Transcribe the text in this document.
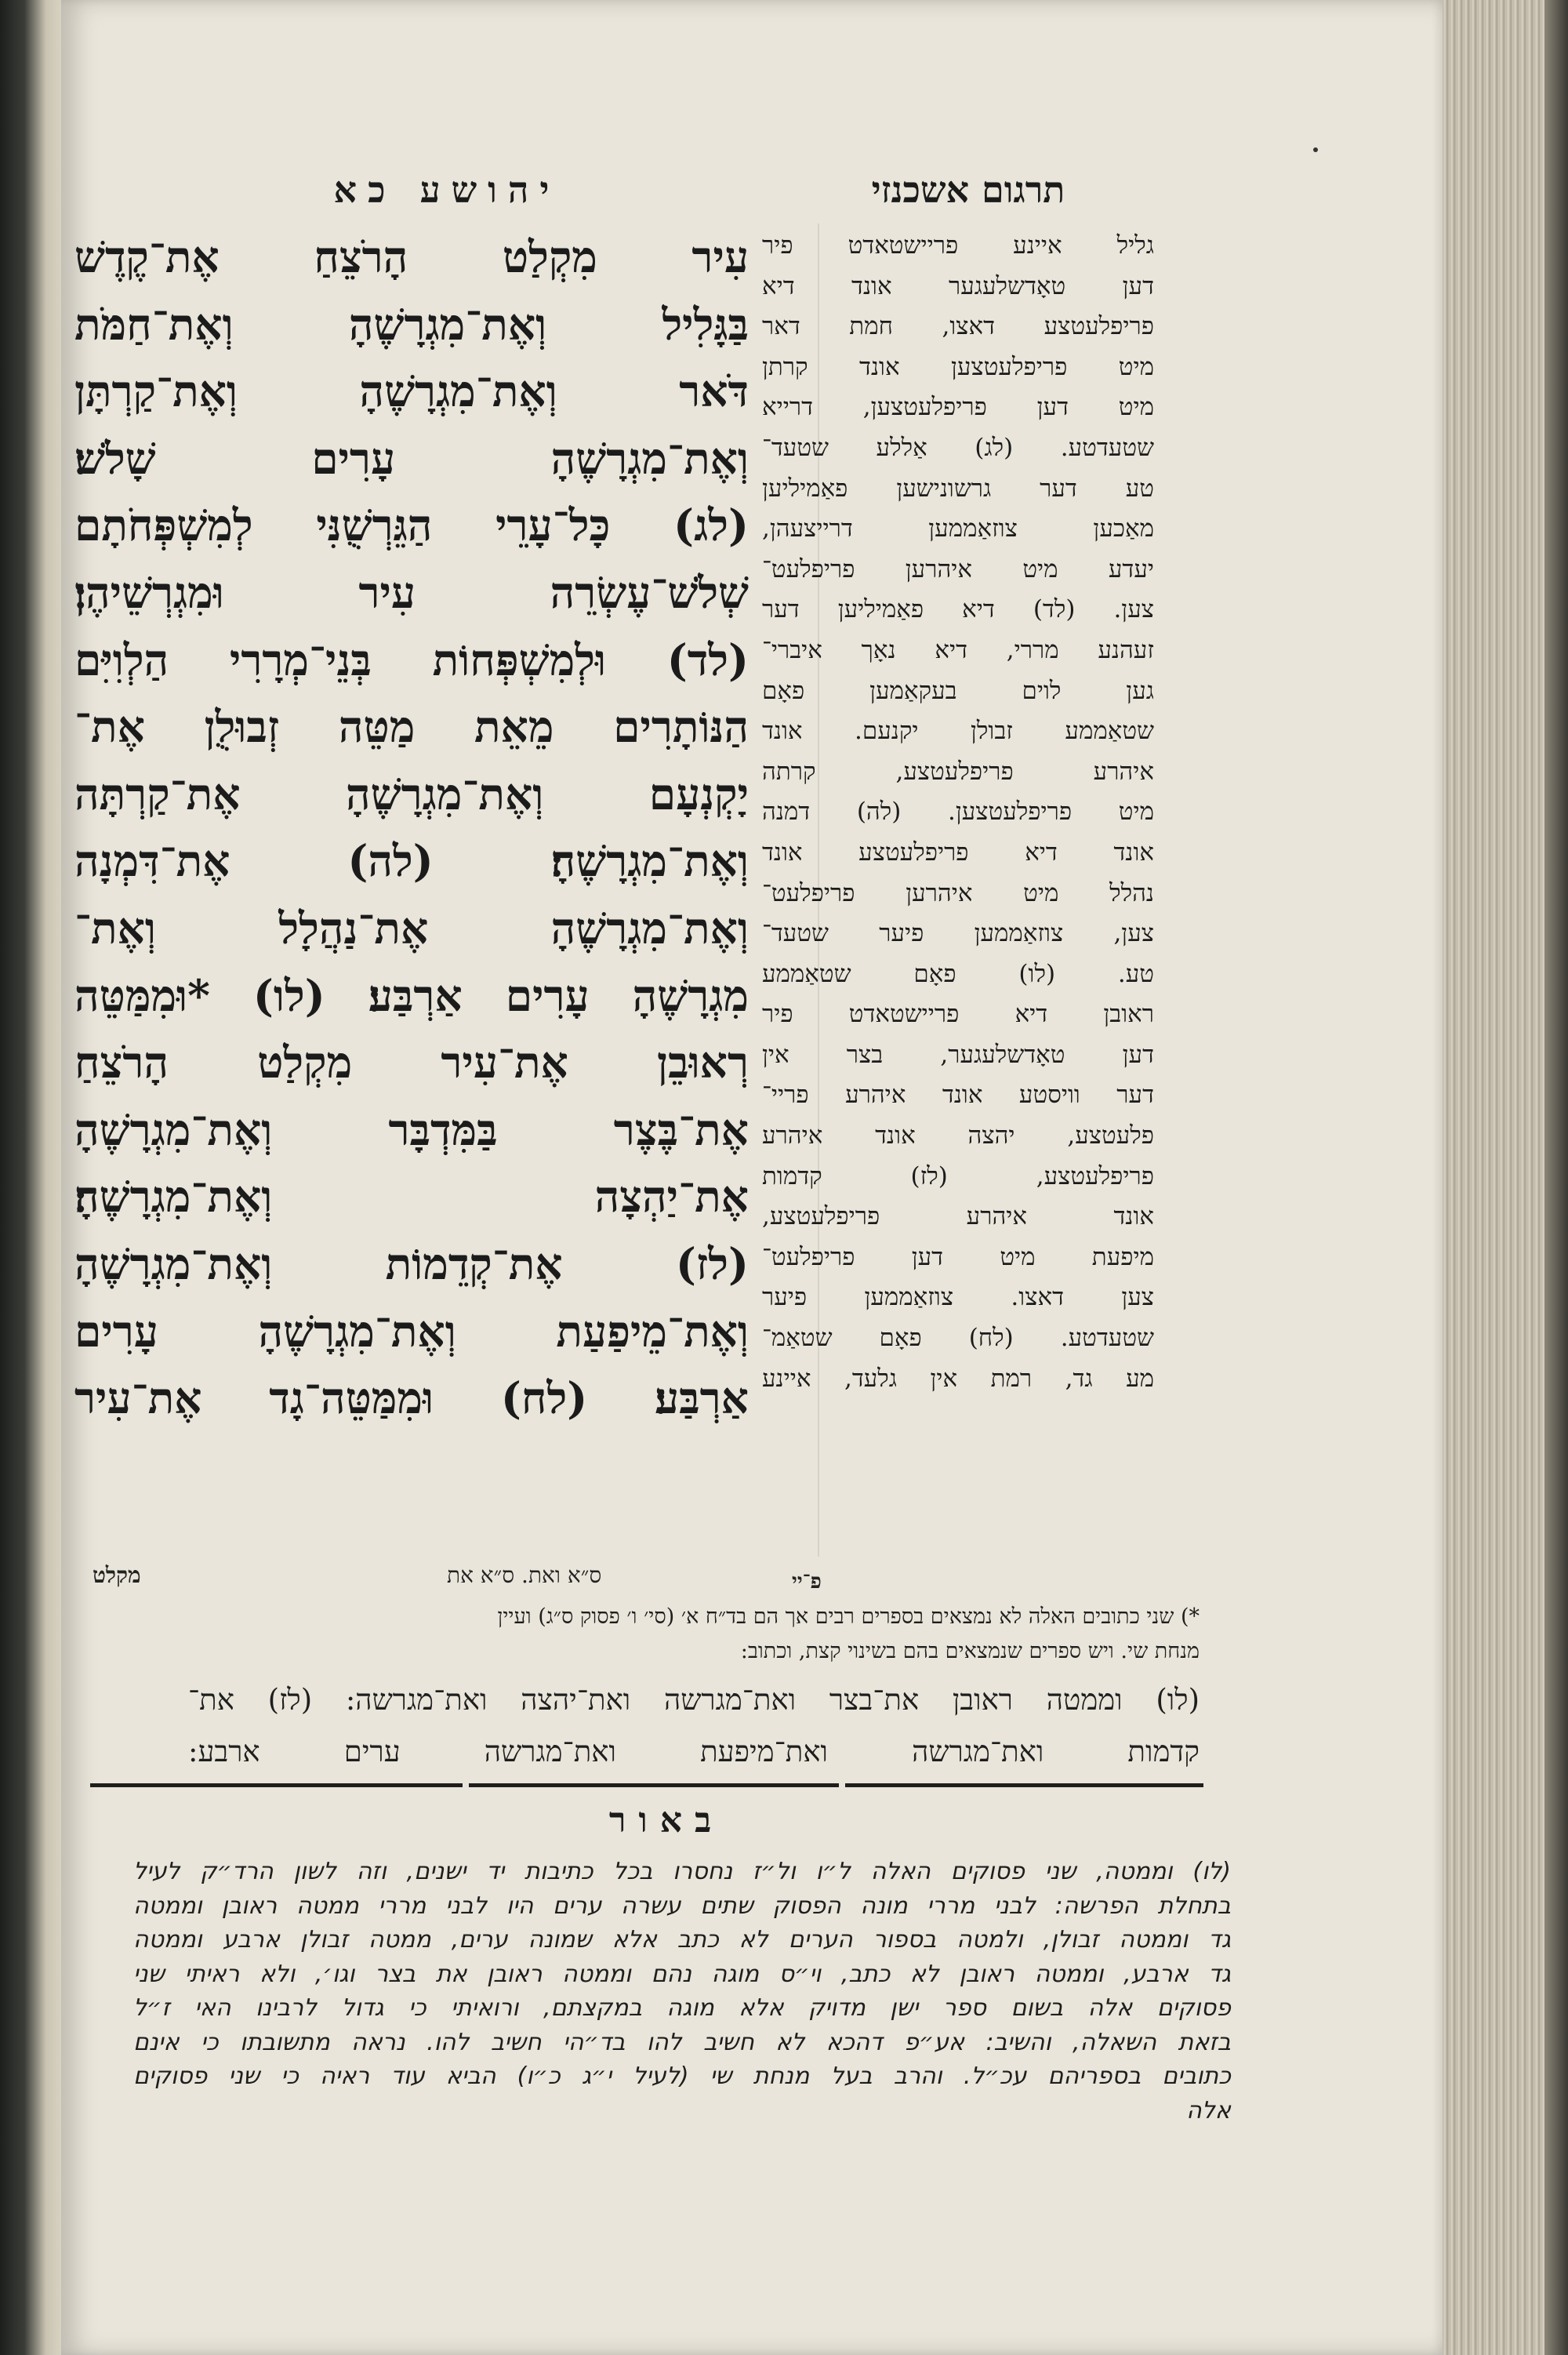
יהושע כא	תרגום אשכנזי
עִיר מִקְלַט הָרֹצֵחַ אֶת־קֶדֶשׁ
בַּגָּלִיל וְאֶת־מִגְרָשֶׁהָ וְאֶת־חַמֹּת
דֹּאר וְאֶת־מִגְרָשֶׁהָ וְאֶת־קַרְתָּן
וְאֶת־מִגְרָשֶׁהָ עָרִים שָׁלֹשׁ׃
(לג) כָּל־עָרֵי הַגֵּרְשֻׁנִּי לְמִשְׁפְּחֹתָם
שְׁלֹשׁ־עֶשְׂרֵה עִיר וּמִגְרְשֵׁיהֶן׃
(לד) וּלְמִשְׁפְּחוֹת בְּנֵי־מְרָרִי הַלְוִיִּם
הַנּוֹתָרִים מֵאֵת מַטֵּה זְבוּלֻן אֶת־
יָקְנְעָם וְאֶת־מִגְרָשֶׁהָ אֶת־קַרְתָּה
וְאֶת־מִגְרָשֶׁהָ׃ (לה) אֶת־דִּמְנָה
וְאֶת־מִגְרָשֶׁהָ אֶת־נַהֲלָל וְאֶת־
מִגְרָשֶׁהָ עָרִים אַרְבַּע׃ (לו) *וּמִמַּטֵּה
רְאוּבֵן אֶת־עִיר מִקְלַט הָרֹצֵחַ
אֶת־בֶּצֶר בַּמִּדְבָּר וְאֶת־מִגְרָשֶׁהָ
אֶת־יַהְצָה וְאֶת־מִגְרָשֶׁהָ׃
(לז) אֶת־קְדֵמוֹת וְאֶת־מִגְרָשֶׁהָ
וְאֶת־מֵיפַעַת וְאֶת־מִגְרָשֶׁהָ עָרִים
אַרְבַּע׃ (לח) וּמִמַּטֵּה־גָד אֶת־עִיר
גליל איינע פריישטאדט פיר
דען טאָדשלעגער אונד דיא
פריפלעטצע דאצו, חמת דאר
מיט פריפלעטצען אונד קרתן
מיט דען פריפלעטצען, דרייא
שטעדטע. (לג) אַללע שטעד־
טע דער גרשונישען פאַמיליען
מאַכען צוזאַממען דרייצעהן,
יעדע מיט איהרען פריפלעט־
צען. (לד) דיא פאַמיליען דער
זעהנע מררי, דיא נאָך איברי־
גען לוים בעקאַמען פאָם
שטאַממע זבולן יקנעם. אונד
איהרע פריפלעטצע, קרתה
מיט פריפלעטצען. (לה) דמנה
אונד דיא פריפלעטצע אונד
נהלל מיט איהרען פריפלעט־
צען, צוזאַממען פיער שטעד־
טע. (לו) פאָם שטאַממע
ראובן דיא פריישטאדט פיר
דען טאָדשלעגער, בצר אין
דער וויסטע אונד איהרע פריי־
פלעטצע, יהצה אונד איהרע
פריפלעטצע, (לז) קדמות
אונד איהרע פריפלעטצע,
מיפעת מיט דען פריפלעט־
צען דאצו. צוזאַממען פיער
שטעדטע. (לח) פאָם שטאַמ־
מע גד, רמת אין גלעד, איינע
מקלט	ס״א ואת. ס״א את	פ־יי
*) שני כתובים האלה לא נמצאים בספרים רבים אך הם בד״ח א׳ (סי׳ ו׳ פסוק ס״ג) ועיין
מנחת שי. ויש ספרים שנמצאים בהם בשינוי קצת, וכתוב:
(לו) וממטה ראובן את־בצר ואת־מגרשה ואת־יהצה ואת־מגרשה: (לז) את־
קדמות ואת־מגרשה ואת־מיפעת ואת־מגרשה ערים ארבע:
באור
(לו) וממטה, שני פסוקים האלה ל״ו ול״ז נחסרו בכל כתיבות יד ישנים, וזה לשון הרד״ק לעיל
בתחלת הפרשה: לבני מררי מונה הפסוק שתים עשרה ערים היו לבני מררי ממטה ראובן וממטה
גד וממטה זבולן, ולמטה בספור הערים לא כתב אלא שמונה ערים, ממטה זבולן ארבע וממטה
גד ארבע, וממטה ראובן לא כתב, וי״ס מוגה נהם וממטה ראובן את בצר וגו׳, ולא ראיתי שני
פסוקים אלה בשום ספר ישן מדויק אלא מוגה במקצתם, ורואיתי כי גדול לרבינו האי ז״ל
בזאת השאלה, והשיב: אע״פ דהכא לא חשיב להו בד״הי חשיב להו. נראה מתשובתו כי אינם
כתובים בספריהם עכ״ל. והרב בעל מנחת שי (לעיל י״ג כ״ו) הביא עוד ראיה כי שני פסוקים
אלה
